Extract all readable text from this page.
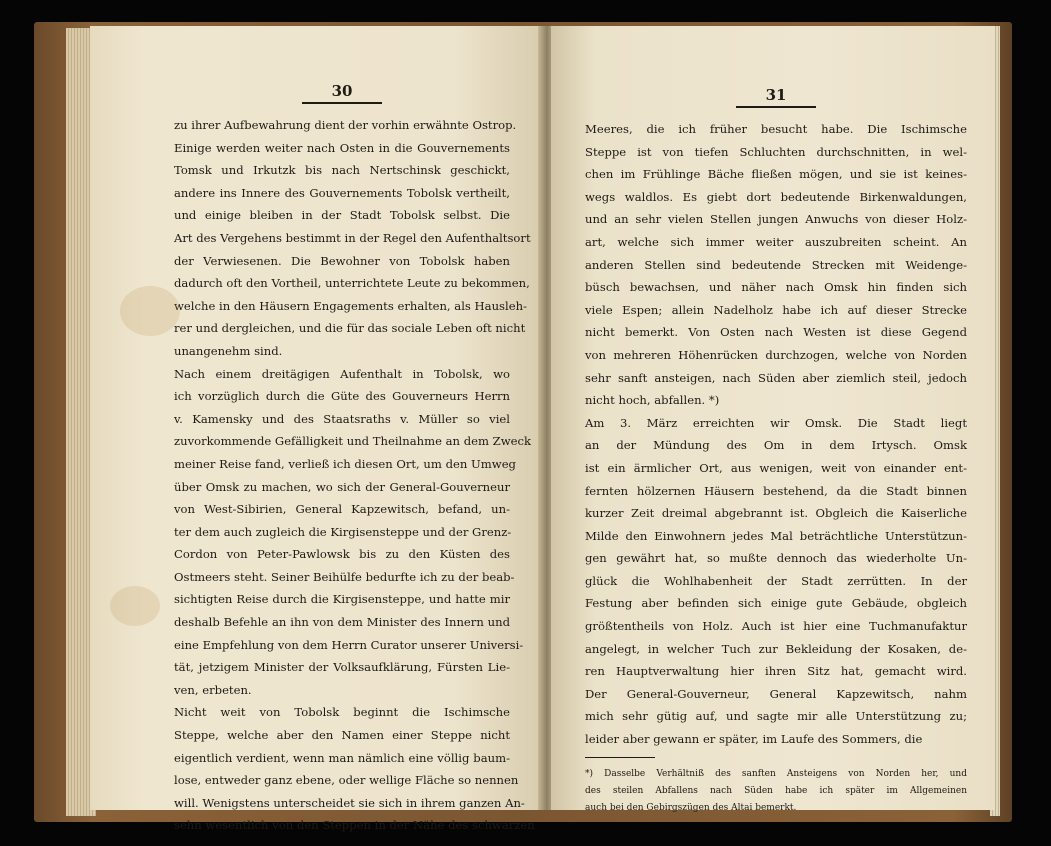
30
zu ihrer Aufbewahrung dient der vorhin erwähnte Ostrop.
Einige werden weiter nach Osten in die Gouvernements
Tomsk und Irkutzk bis nach Nertschinsk geschickt,
andere ins Innere des Gouvernements Tobolsk vertheilt,
und einige bleiben in der Stadt Tobolsk selbst. Die
Art des Vergehens bestimmt in der Regel den Aufenthaltsort
der Verwiesenen. Die Bewohner von Tobolsk haben
dadurch oft den Vortheil, unterrichtete Leute zu bekommen,
welche in den Häusern Engagements erhalten, als Hausleh-
rer und dergleichen, und die für das sociale Leben oft nicht
unangenehm sind.
Nach einem dreitägigen Aufenthalt in Tobolsk, wo
ich vorzüglich durch die Güte des Gouverneurs Herrn
v. Kamensky und des Staatsraths v. Müller so viel
zuvorkommende Gefälligkeit und Theilnahme an dem Zweck
meiner Reise fand, verließ ich diesen Ort, um den Umweg
über Omsk zu machen, wo sich der General-Gouverneur
von West-Sibirien, General Kapzewitsch, befand, un-
ter dem auch zugleich die Kirgisensteppe und der Grenz-
Cordon von Peter-Pawlowsk bis zu den Küsten des
Ostmeers steht. Seiner Beihülfe bedurfte ich zu der beab-
sichtigten Reise durch die Kirgisensteppe, und hatte mir
deshalb Befehle an ihn von dem Minister des Innern und
eine Empfehlung von dem Herrn Curator unserer Universi-
tät, jetzigem Minister der Volksaufklärung, Fürsten Lie-
ven, erbeten.
Nicht weit von Tobolsk beginnt die Ischimsche
Steppe, welche aber den Namen einer Steppe nicht
eigentlich verdient, wenn man nämlich eine völlig baum-
lose, entweder ganz ebene, oder wellige Fläche so nennen
will. Wenigstens unterscheidet sie sich in ihrem ganzen An-
sehn wesentlich von den Steppen in der Nähe des schwarzen
31
Meeres, die ich früher besucht habe. Die Ischimsche
Steppe ist von tiefen Schluchten durchschnitten, in wel-
chen im Frühlinge Bäche fließen mögen, und sie ist keines-
wegs waldlos. Es giebt dort bedeutende Birkenwaldungen,
und an sehr vielen Stellen jungen Anwuchs von dieser Holz-
art, welche sich immer weiter auszubreiten scheint. An
anderen Stellen sind bedeutende Strecken mit Weidenge-
büsch bewachsen, und näher nach Omsk hin finden sich
viele Espen; allein Nadelholz habe ich auf dieser Strecke
nicht bemerkt. Von Osten nach Westen ist diese Gegend
von mehreren Höhenrücken durchzogen, welche von Norden
sehr sanft ansteigen, nach Süden aber ziemlich steil, jedoch
nicht hoch, abfallen. *)
Am 3. März erreichten wir Omsk. Die Stadt liegt
an der Mündung des Om in dem Irtysch. Omsk
ist ein ärmlicher Ort, aus wenigen, weit von einander ent-
fernten hölzernen Häusern bestehend, da die Stadt binnen
kurzer Zeit dreimal abgebrannt ist. Obgleich die Kaiserliche
Milde den Einwohnern jedes Mal beträchtliche Unterstützun-
gen gewährt hat, so mußte dennoch das wiederholte Un-
glück die Wohlhabenheit der Stadt zerrütten. In der
Festung aber befinden sich einige gute Gebäude, obgleich
größtentheils von Holz. Auch ist hier eine Tuchmanufaktur
angelegt, in welcher Tuch zur Bekleidung der Kosaken, de-
ren Hauptverwaltung hier ihren Sitz hat, gemacht wird.
Der General-Gouverneur, General Kapzewitsch, nahm
mich sehr gütig auf, und sagte mir alle Unterstützung zu;
leider aber gewann er später, im Laufe des Sommers, die
*) Dasselbe Verhältniß des sanften Ansteigens von Norden her, und
des steilen Abfallens nach Süden habe ich später im Allgemeinen
auch bei den Gebirgszügen des Altai bemerkt.
